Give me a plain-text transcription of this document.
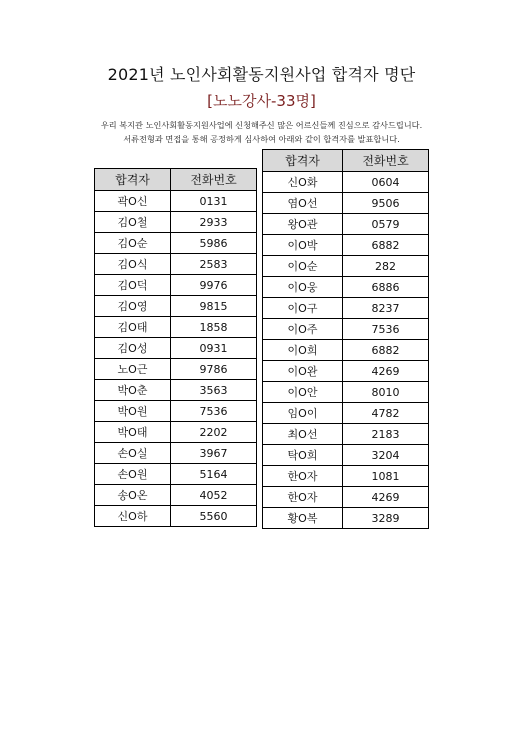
2021년 노인사회활동지원사업 합격자 명단
[노노강사-33명]
우리 복지관 노인사회활동지원사업에 신청해주신 많은 어르신들께 진심으로 감사드립니다.
서류전형과 면접을 통해 공정하게 심사하여 아래와 같이 합격자를 발표합니다.
합격자	전화번호
곽O신	0131
김O철	2933
김O순	5986
김O식	2583
김O덕	9976
김O영	9815
김O태	1858
김O성	0931
노O근	9786
박O춘	3563
박O원	7536
박O태	2202
손O실	3967
손O원	5164
송O온	4052
신O하	5560
합격자	전화번호
신O화	0604
염O선	9506
왕O관	0579
이O박	6882
이O순	282
이O웅	6886
이O구	8237
이O주	7536
이O희	6882
이O완	4269
이O안	8010
임O이	4782
최O선	2183
탁O희	3204
한O자	1081
한O자	4269
황O복	3289
